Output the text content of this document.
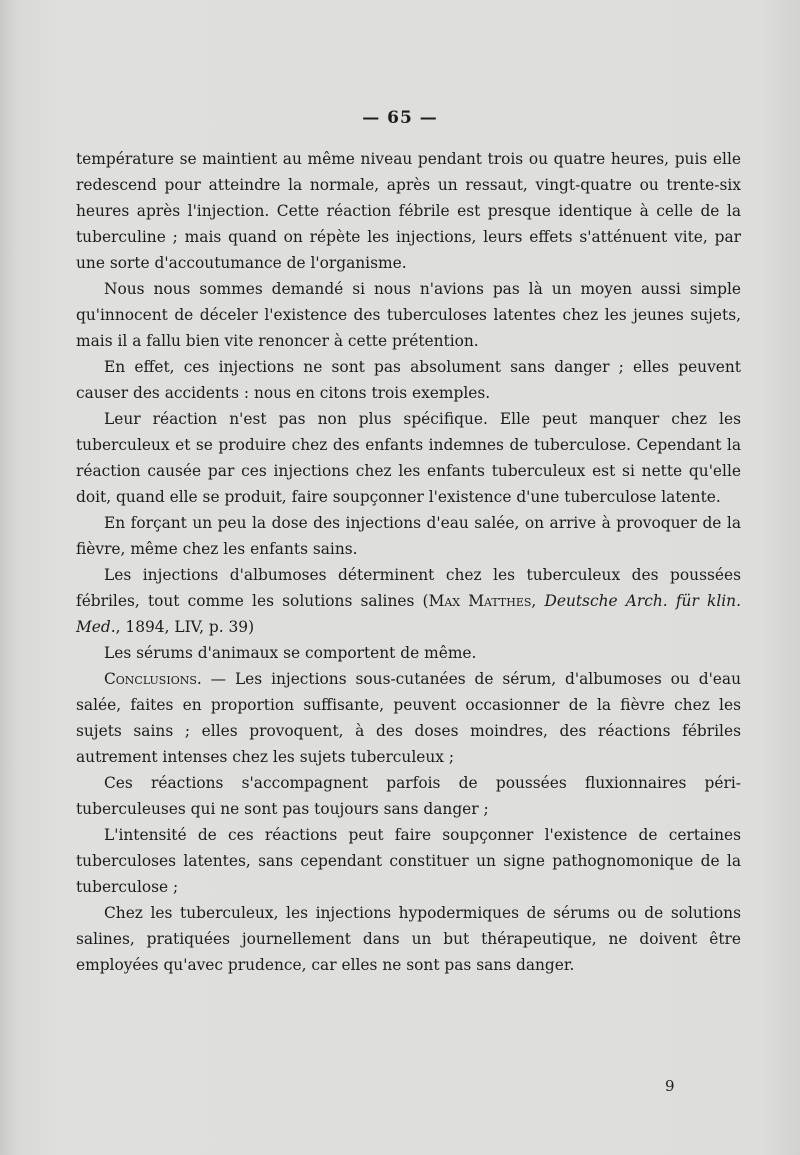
— 65 —

température se maintient au même niveau pendant trois ou quatre heures, puis elle redescend pour atteindre la normale, après un ressaut, vingt-quatre ou trente-six heures après l'injection. Cette réaction fébrile est presque identique à celle de la tuberculine ; mais quand on répète les injections, leurs effets s'atténuent vite, par une sorte d'accoutumance de l'organisme.

Nous nous sommes demandé si nous n'avions pas là un moyen aussi simple qu'innocent de déceler l'existence des tuberculoses latentes chez les jeunes sujets, mais il a fallu bien vite renoncer à cette prétention.

En effet, ces injections ne sont pas absolument sans danger ; elles peuvent causer des accidents : nous en citons trois exemples.

Leur réaction n'est pas non plus spécifique. Elle peut manquer chez les tuberculeux et se produire chez des enfants indemnes de tuberculose. Cependant la réaction causée par ces injections chez les enfants tuberculeux est si nette qu'elle doit, quand elle se produit, faire soupçonner l'existence d'une tuberculose latente.

En forçant un peu la dose des injections d'eau salée, on arrive à provoquer de la fièvre, même chez les enfants sains.

Les injections d'albumoses déterminent chez les tuberculeux des poussées fébriles, tout comme les solutions salines (Max Matthes, Deutsche Arch. für klin. Med., 1894, LIV, p. 39)

Les sérums d'animaux se comportent de même.

Conclusions. — Les injections sous-cutanées de sérum, d'albumoses ou d'eau salée, faites en proportion suffisante, peuvent occasionner de la fièvre chez les sujets sains ; elles provoquent, à des doses moindres, des réactions fébriles autrement intenses chez les sujets tuberculeux ;

Ces réactions s'accompagnent parfois de poussées fluxionnaires péri-tuberculeuses qui ne sont pas toujours sans danger ;

L'intensité de ces réactions peut faire soupçonner l'existence de certaines tuberculoses latentes, sans cependant constituer un signe pathognomonique de la tuberculose ;

Chez les tuberculeux, les injections hypodermiques de sérums ou de solutions salines, pratiquées journellement dans un but thérapeutique, ne doivent être employées qu'avec prudence, car elles ne sont pas sans danger.

9
